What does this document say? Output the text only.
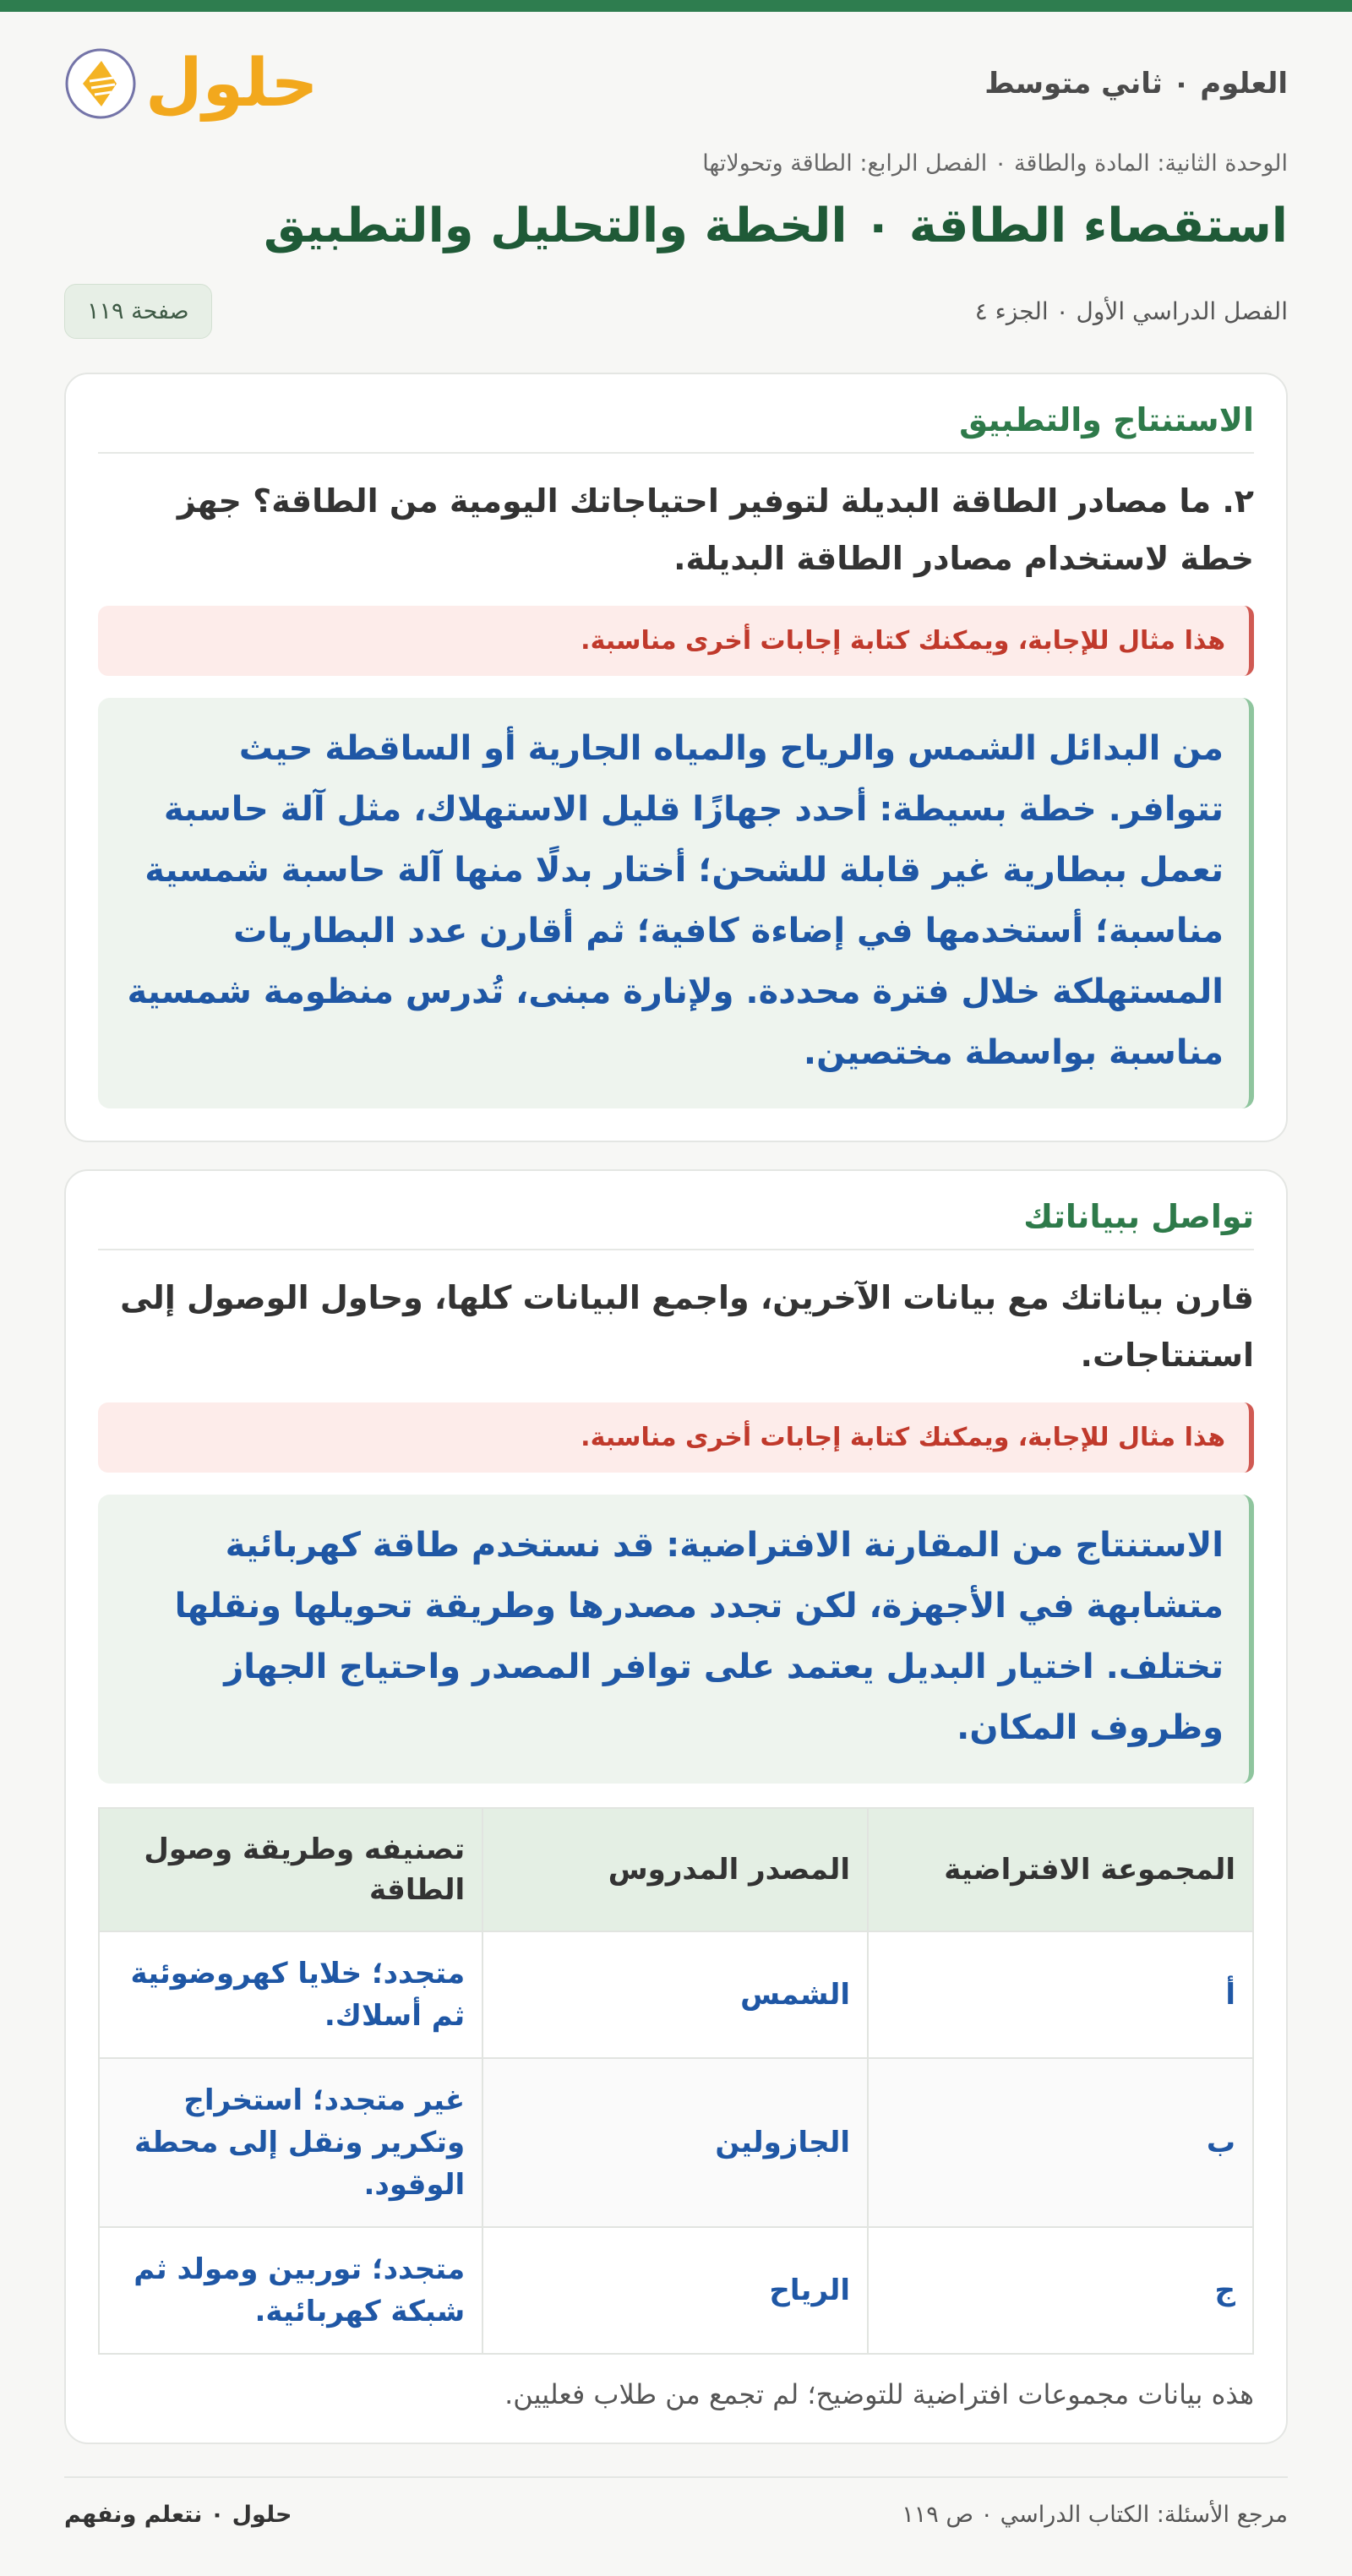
العلوم ٠ ثاني متوسط
حلول
الوحدة الثانية: المادة والطاقة ٠ الفصل الرابع: الطاقة وتحولاتها
استقصاء الطاقة ٠ الخطة والتحليل والتطبيق
الفصل الدراسي الأول ٠ الجزء ٤
صفحة ١١٩
الاستنتاج والتطبيق

٢. ما مصادر الطاقة البديلة لتوفير احتياجاتك اليومية من الطاقة؟ جهز خطة لاستخدام مصادر الطاقة البديلة.

هذا مثال للإجابة، ويمكنك كتابة إجابات أخرى مناسبة.
من البدائل الشمس والرياح والمياه الجارية أو الساقطة حيث تتوافر. خطة بسيطة: أحدد جهازًا قليل الاستهلاك، مثل آلة حاسبة تعمل ببطارية غير قابلة للشحن؛ أختار بدلًا منها آلة حاسبة شمسية مناسبة؛ أستخدمها في إضاءة كافية؛ ثم أقارن عدد البطاريات المستهلكة خلال فترة محددة. ولإنارة مبنى، تُدرس منظومة شمسية مناسبة بواسطة مختصين.
تواصل ببياناتك

قارن بياناتك مع بيانات الآخرين، واجمع البيانات كلها، وحاول الوصول إلى استنتاجات.

هذا مثال للإجابة، ويمكنك كتابة إجابات أخرى مناسبة.
الاستنتاج من المقارنة الافتراضية: قد نستخدم طاقة كهربائية متشابهة في الأجهزة، لكن تجدد مصدرها وطريقة تحويلها ونقلها تختلف. اختيار البديل يعتمد على توافر المصدر واحتياج الجهاز وظروف المكان.
المجموعة الافتراضية	المصدر المدروس	تصنيفه وطريقة وصول الطاقة
أ	الشمس	متجدد؛ خلايا كهروضوئية ثم أسلاك.
ب	الجازولين	غير متجدد؛ استخراج وتكرير ونقل إلى محطة الوقود.
ج	الرياح	متجدد؛ توربين ومولد ثم شبكة كهربائية.

هذه بيانات مجموعات افتراضية للتوضيح؛ لم تجمع من طلاب فعليين.

مرجع الأسئلة: الكتاب الدراسي ٠ ص ١١٩
حلول ٠ نتعلم ونفهم
